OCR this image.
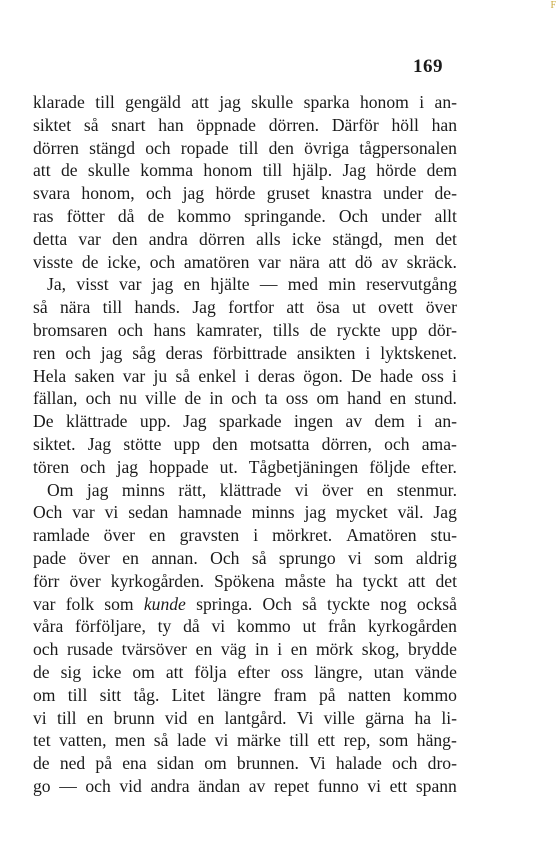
F
169
klarade till gengäld att jag skulle sparka honom i an-
siktet så snart han öppnade dörren. Därför höll han
dörren stängd och ropade till den övriga tågpersonalen
att de skulle komma honom till hjälp. Jag hörde dem
svara honom, och jag hörde gruset knastra under de-
ras fötter då de kommo springande. Och under allt
detta var den andra dörren alls icke stängd, men det
visste de icke, och amatören var nära att dö av skräck.
Ja, visst var jag en hjälte — med min reservutgång
så nära till hands. Jag fortfor att ösa ut ovett över
bromsaren och hans kamrater, tills de ryckte upp dör-
ren och jag såg deras förbittrade ansikten i lyktskenet.
Hela saken var ju så enkel i deras ögon. De hade oss i
fällan, och nu ville de in och ta oss om hand en stund.
De klättrade upp. Jag sparkade ingen av dem i an-
siktet. Jag stötte upp den motsatta dörren, och ama-
tören och jag hoppade ut. Tågbetjäningen följde efter.
Om jag minns rätt, klättrade vi över en stenmur.
Och var vi sedan hamnade minns jag mycket väl. Jag
ramlade över en gravsten i mörkret. Amatören stu-
pade över en annan. Och så sprungo vi som aldrig
förr över kyrkogården. Spökena måste ha tyckt att det
var folk som kunde springa. Och så tyckte nog också
våra förföljare, ty då vi kommo ut från kyrkogården
och rusade tvärsöver en väg in i en mörk skog, brydde
de sig icke om att följa efter oss längre, utan vände
om till sitt tåg. Litet längre fram på natten kommo
vi till en brunn vid en lantgård. Vi ville gärna ha li-
tet vatten, men så lade vi märke till ett rep, som häng-
de ned på ena sidan om brunnen. Vi halade och dro-
go — och vid andra ändan av repet funno vi ett spann
